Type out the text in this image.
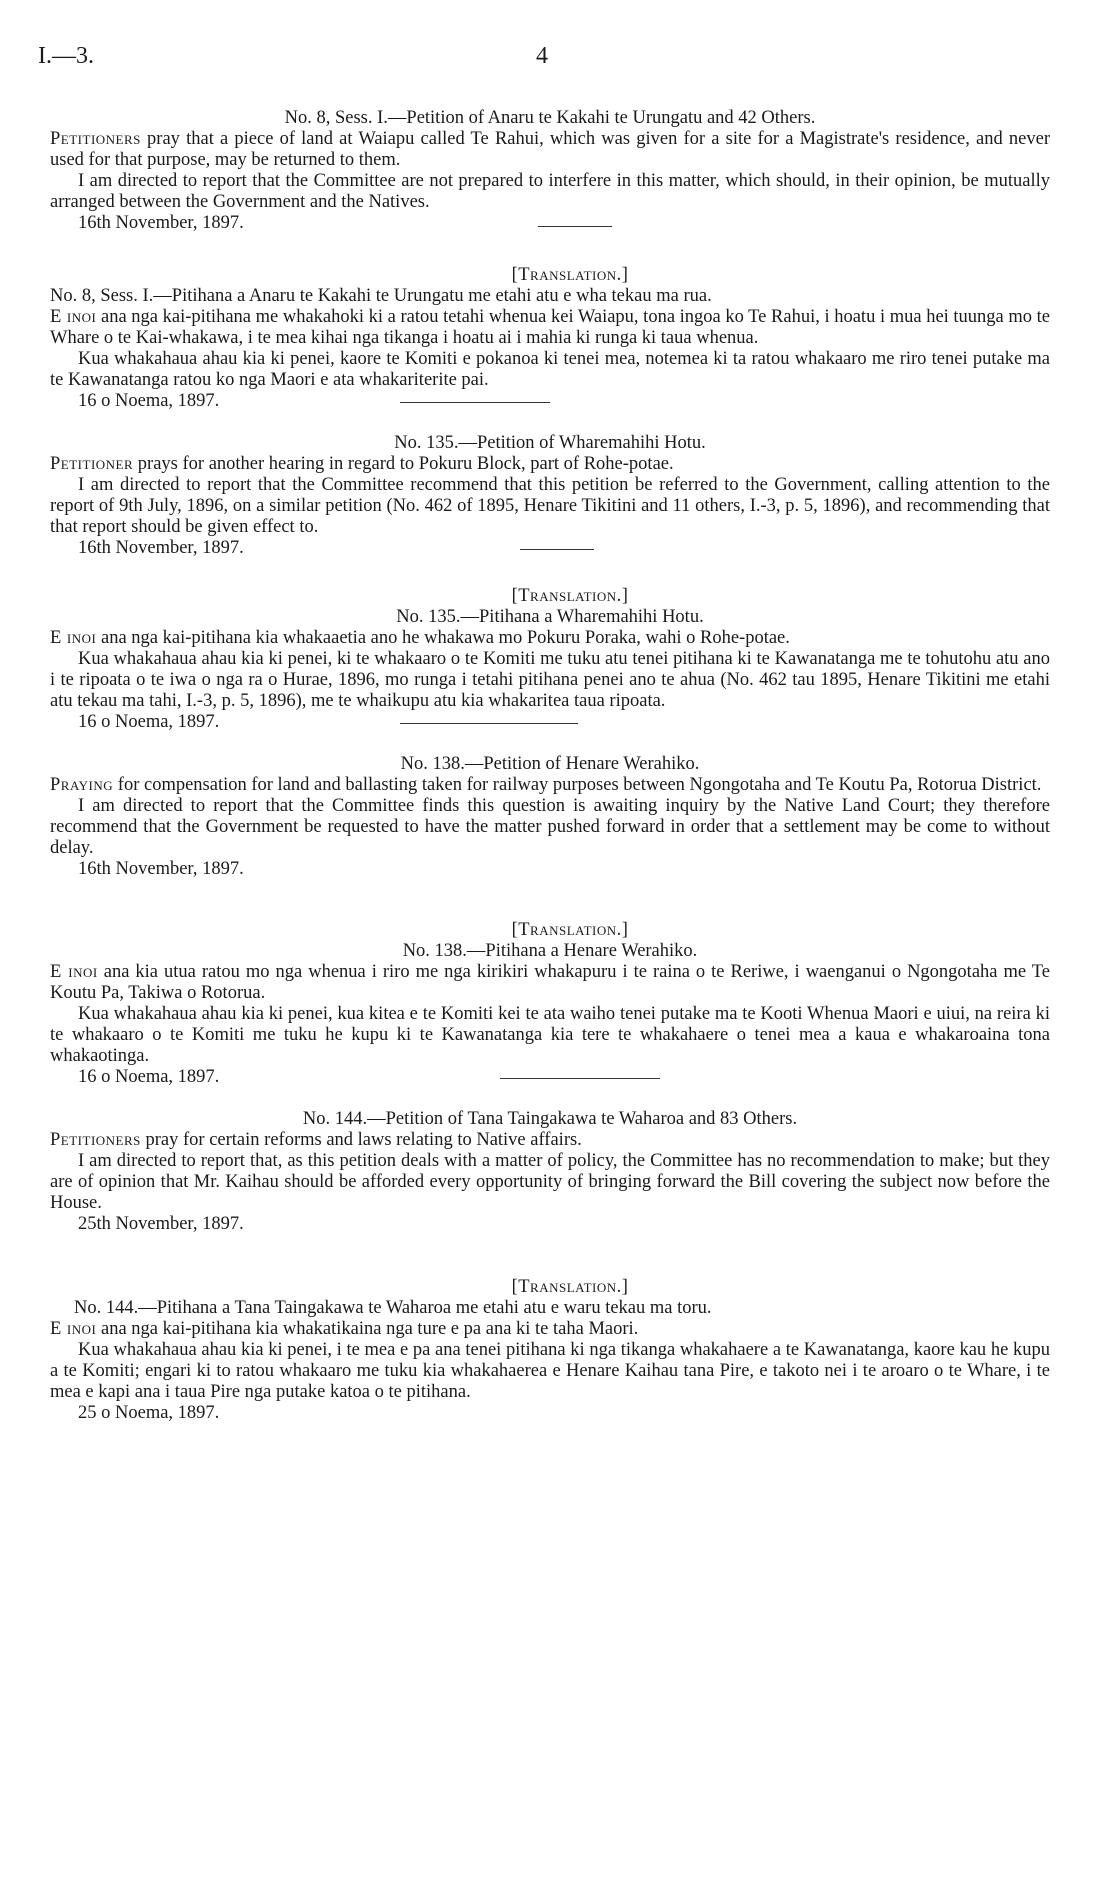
I.—3.	4

No. 8, Sess. I.—Petition of Anaru te Kakahi te Urungatu and 42 Others.

Petitioners pray that a piece of land at Waiapu called Te Rahui, which was given for a site for a Magistrate's residence, and never used for that purpose, may be returned to them.

I am directed to report that the Committee are not prepared to interfere in this matter, which should, in their opinion, be mutually arranged between the Government and the Natives.

16th November, 1897.

[Translation.]

No. 8, Sess. I.—Pitihana a Anaru te Kakahi te Urungatu me etahi atu e wha tekau ma rua.

E inoi ana nga kai-pitihana me whakahoki ki a ratou tetahi whenua kei Waiapu, tona ingoa ko Te Rahui, i hoatu i mua hei tuunga mo te Whare o te Kai-whakawa, i te mea kihai nga tikanga i hoatu ai i mahia ki runga ki taua whenua.

Kua whakahaua ahau kia ki penei, kaore te Komiti e pokanoa ki tenei mea, notemea ki ta ratou whakaaro me riro tenei putake ma te Kawanatanga ratou ko nga Maori e ata whakariterite pai.

16 o Noema, 1897.

No. 135.—Petition of Wharemahihi Hotu.

Petitioner prays for another hearing in regard to Pokuru Block, part of Rohe-potae.

I am directed to report that the Committee recommend that this petition be referred to the Government, calling attention to the report of 9th July, 1896, on a similar petition (No. 462 of 1895, Henare Tikitini and 11 others, I.-3, p. 5, 1896), and recommending that that report should be given effect to.

16th November, 1897.

[Translation.]

No. 135.—Pitihana a Wharemahihi Hotu.

E inoi ana nga kai-pitihana kia whakaaetia ano he whakawa mo Pokuru Poraka, wahi o Rohe-potae.

Kua whakahaua ahau kia ki penei, ki te whakaaro o te Komiti me tuku atu tenei pitihana ki te Kawanatanga me te tohutohu atu ano i te ripoata o te iwa o nga ra o Hurae, 1896, mo runga i tetahi pitihana penei ano te ahua (No. 462 tau 1895, Henare Tikitini me etahi atu tekau ma tahi, I.-3, p. 5, 1896), me te whaikupu atu kia whakaritea taua ripoata.

16 o Noema, 1897.

No. 138.—Petition of Henare Werahiko.

Praying for compensation for land and ballasting taken for railway purposes between Ngongotaha and Te Koutu Pa, Rotorua District.

I am directed to report that the Committee finds this question is awaiting inquiry by the Native Land Court; they therefore recommend that the Government be requested to have the matter pushed forward in order that a settlement may be come to without delay.

16th November, 1897.

[Translation.]

No. 138.—Pitihana a Henare Werahiko.

E inoi ana kia utua ratou mo nga whenua i riro me nga kirikiri whakapuru i te raina o te Reriwe, i waenganui o Ngongotaha me Te Koutu Pa, Takiwa o Rotorua.

Kua whakahaua ahau kia ki penei, kua kitea e te Komiti kei te ata waiho tenei putake ma te Kooti Whenua Maori e uiui, na reira ki te whakaaro o te Komiti me tuku he kupu ki te Kawanatanga kia tere te whakahaere o tenei mea a kaua e whakaroaina tona whakaotinga.

16 o Noema, 1897.

No. 144.—Petition of Tana Taingakawa te Waharoa and 83 Others.

Petitioners pray for certain reforms and laws relating to Native affairs.

I am directed to report that, as this petition deals with a matter of policy, the Committee has no recommendation to make; but they are of opinion that Mr. Kaihau should be afforded every opportunity of bringing forward the Bill covering the subject now before the House.

25th November, 1897.

[Translation.]

No. 144.—Pitihana a Tana Taingakawa te Waharoa me etahi atu e waru tekau ma toru.

E inoi ana nga kai-pitihana kia whakatikaina nga ture e pa ana ki te taha Maori.

Kua whakahaua ahau kia ki penei, i te mea e pa ana tenei pitihana ki nga tikanga whakahaere a te Kawanatanga, kaore kau he kupu a te Komiti; engari ki to ratou whakaaro me tuku kia whakahaerea e Henare Kaihau tana Pire, e takoto nei i te aroaro o te Whare, i te mea e kapi ana i taua Pire nga putake katoa o te pitihana.

25 o Noema, 1897.
